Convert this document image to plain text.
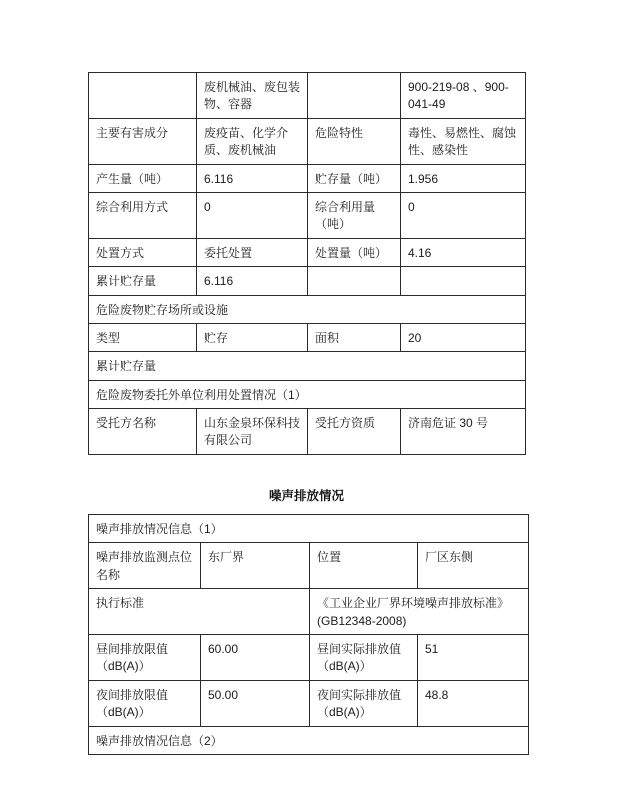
	废机械油、废包装物、容器		900-219-08 、900-041-49
主要有害成分	废疫苗、化学介质、废机械油	危险特性	毒性、易燃性、腐蚀性、感染性
产生量（吨）	6.116	贮存量（吨）	1.956
综合利用方式	0	综合利用量（吨）	0
处置方式	委托处置	处置量（吨）	4.16
累计贮存量	6.116		
危险废物贮存场所或设施			
类型	贮存	面积	20
累计贮存量			
危险废物委托外单位利用处置情况（1）			
受托方名称	山东金泉环保科技有限公司	受托方资质	济南危证 30 号
噪声排放情况
噪声排放情况信息（1）			
噪声排放监测点位名称	东厂界	位置	厂区东侧
执行标准		《工业企业厂界环境噪声排放标准》(GB12348-2008)	
昼间排放限值（dB(A)）	60.00	昼间实际排放值（dB(A)）	51
夜间排放限值（dB(A)）	50.00	夜间实际排放值（dB(A)）	48.8
噪声排放情况信息（2）			
